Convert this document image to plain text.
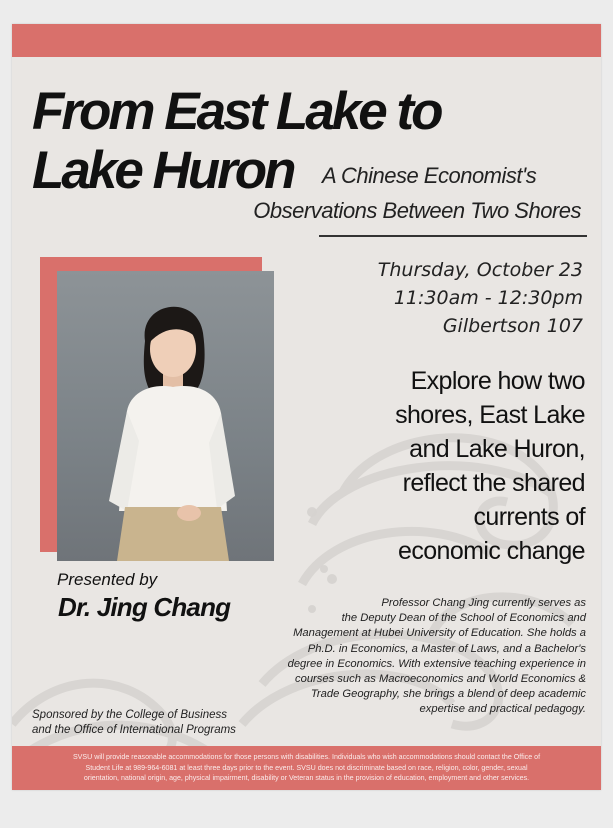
From East Lake to
Lake Huron A Chinese Economist's
Observations Between Two Shores
Thursday, October 23
11:30am - 12:30pm
Gilbertson 107
Explore how two
shores, East Lake
and Lake Huron,
reflect the shared
currents of
economic change
Presented by
Dr. Jing Chang	Professor Chang Jing currently serves as
the Deputy Dean of the School of Economics and
Management at Hubei University of Education. She holds a
Ph.D. in Economics, a Master of Laws, and a Bachelor's
degree in Economics. With extensive teaching experience in
courses such as Macroeconomics and World Economics &
Trade Geography, she brings a blend of deep academic
expertise and practical pedagogy.
Sponsored by the College of Business
and the Office of International Programs
SVSU will provide reasonable accommodations for those persons with disabilities. Individuals who wish accommodations should contact the Office of
Student Life at 989-964-6081 at least three days prior to the event. SVSU does not discriminate based on race, religion, color, gender, sexual
orientation, national origin, age, physical impairment, disability or Veteran status in the provision of education, employment and other services.
